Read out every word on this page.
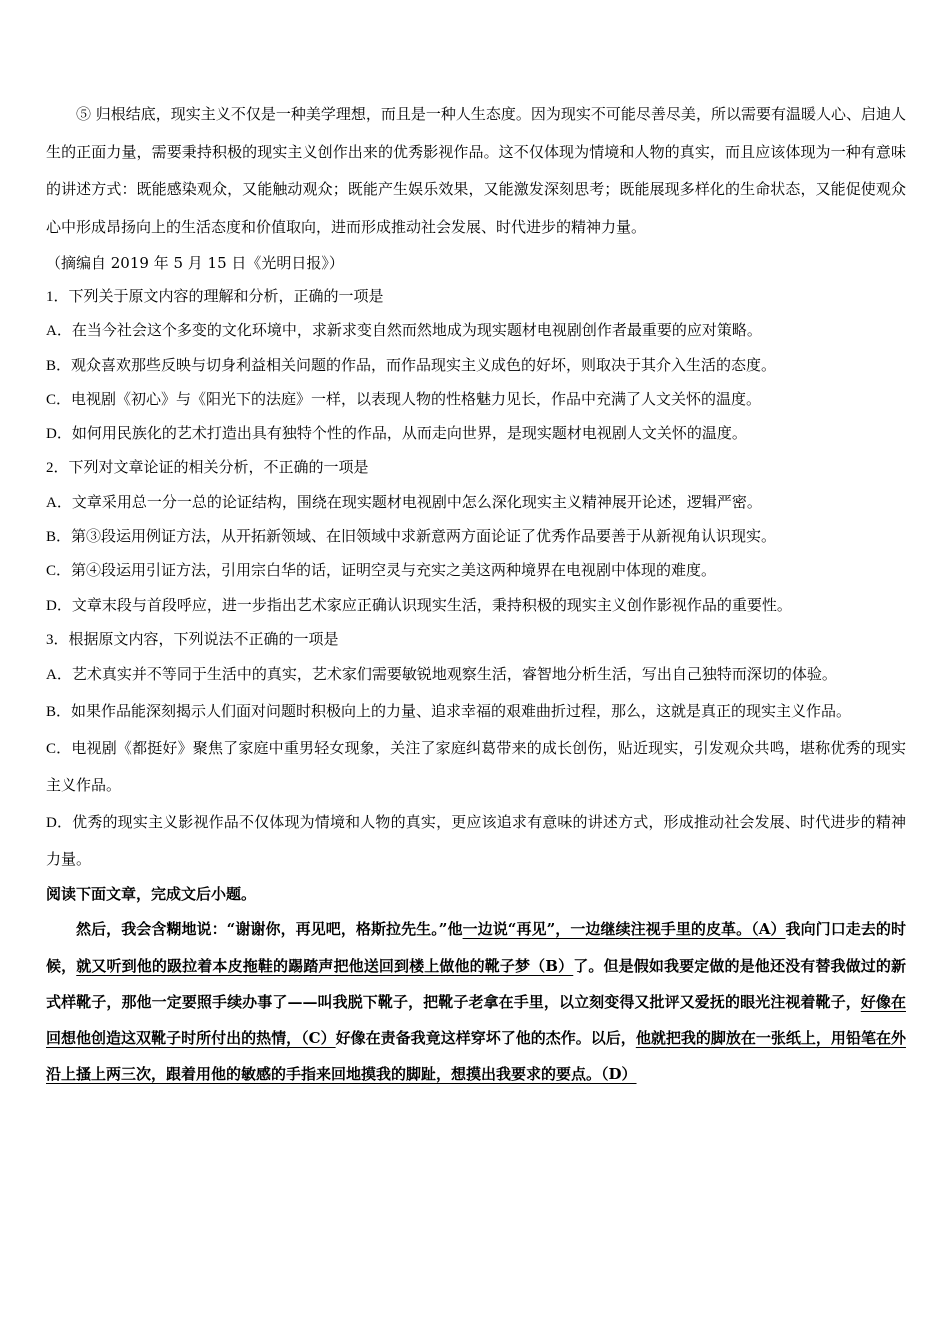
⑤ 归根结底，现实主义不仅是一种美学理想，而且是一种人生态度。因为现实不可能尽善尽美，所以需要有温暖人心、启迪人生的正面力量，需要秉持积极的现实主义创作出来的优秀影视作品。这不仅体现为情境和人物的真实，而且应该体现为一种有意味的讲述方式：既能感染观众，又能触动观众；既能产生娱乐效果，又能激发深刻思考；既能展现多样化的生命状态，又能促使观众心中形成昂扬向上的生活态度和价值取向，进而形成推动社会发展、时代进步的精神力量。

（摘编自 2019 年 5 月 15 日《光明日报》）

1．下列关于原文内容的理解和分析，正确的一项是

A．在当今社会这个多变的文化环境中，求新求变自然而然地成为现实题材电视剧创作者最重要的应对策略。

B．观众喜欢那些反映与切身利益相关问题的作品，而作品现实主义成色的好坏，则取决于其介入生活的态度。

C．电视剧《初心》与《阳光下的法庭》一样，以表现人物的性格魅力见长，作品中充满了人文关怀的温度。

D．如何用民族化的艺术打造出具有独特个性的作品，从而走向世界，是现实题材电视剧人文关怀的温度。

2．下列对文章论证的相关分析，不正确的一项是

A．文章采用总一分一总的论证结构，围绕在现实题材电视剧中怎么深化现实主义精神展开论述，逻辑严密。

B．第③段运用例证方法，从开拓新领域、在旧领域中求新意两方面论证了优秀作品要善于从新视角认识现实。

C．第④段运用引证方法，引用宗白华的话，证明空灵与充实之美这两种境界在电视剧中体现的难度。

D．文章末段与首段呼应，进一步指出艺术家应正确认识现实生活，秉持积极的现实主义创作影视作品的重要性。

3．根据原文内容，下列说法不正确的一项是

A．艺术真实并不等同于生活中的真实，艺术家们需要敏锐地观察生活，睿智地分析生活，写出自己独特而深切的体验。

B．如果作品能深刻揭示人们面对问题时积极向上的力量、追求幸福的艰难曲折过程，那么，这就是真正的现实主义作品。

C．电视剧《都挺好》聚焦了家庭中重男轻女现象，关注了家庭纠葛带来的成长创伤，贴近现实，引发观众共鸣，堪称优秀的现实主义作品。

D．优秀的现实主义影视作品不仅体现为情境和人物的真实，更应该追求有意味的讲述方式，形成推动社会发展、时代进步的精神力量。

阅读下面文章，完成文后小题。

然后，我会含糊地说：“谢谢你，再见吧，格斯拉先生。”他一边说“再见”，一边继续注视手里的皮革。（A）我向门口走去的时候，就又听到他的趿拉着本皮拖鞋的踢踏声把他送回到楼上做他的靴子梦（B）了。但是假如我要定做的是他还没有替我做过的新式样靴子，那他一定要照手续办事了——叫我脱下靴子，把靴子老拿在手里，以立刻变得又批评又爱抚的眼光注视着靴子，好像在回想他创造这双靴子时所付出的热情，（C）好像在责备我竟这样穿坏了他的杰作。以后，他就把我的脚放在一张纸上，用铅笔在外沿上搔上两三次，跟着用他的敏感的手指来回地摸我的脚趾，想摸出我要求的要点。（D）
